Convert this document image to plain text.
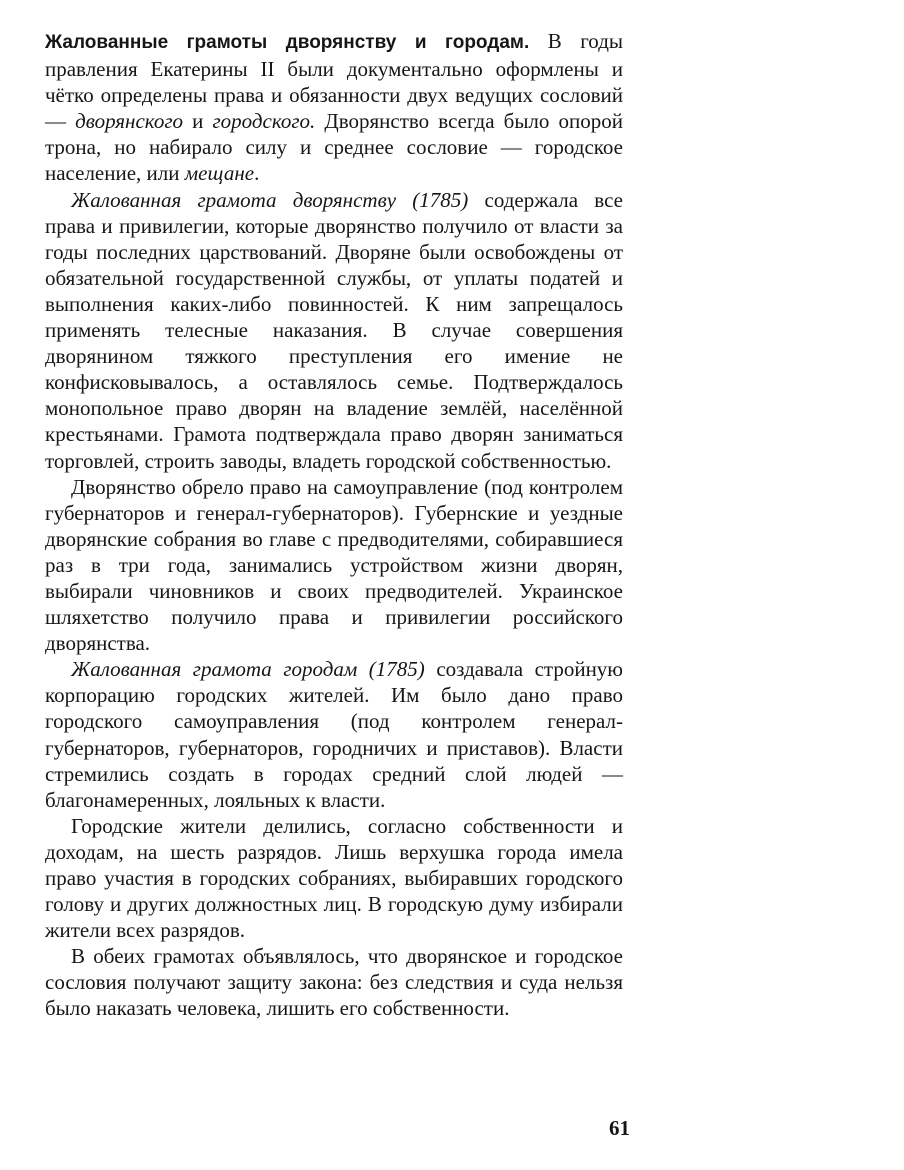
Жалованные грамоты дворянству и городам. В годы правления Екатерины II были документально оформлены и чётко определены права и обязанности двух ведущих сословий — дворянского и городского. Дворянство всегда было опорой трона, но набирало силу и среднее сословие — городское население, или мещане.

Жалованная грамота дворянству (1785) содержала все права и привилегии, которые дворянство получило от власти за годы последних царствований. Дворяне были освобождены от обязательной государственной службы, от уплаты податей и выполнения каких-либо повинностей. К ним запрещалось применять телесные наказания. В случае совершения дворянином тяжкого преступления его имение не конфисковывалось, а оставлялось семье. Подтверждалось монопольное право дворян на владение землёй, населённой крестьянами. Грамота подтверждала право дворян заниматься торговлей, строить заводы, владеть городской собственностью.

Дворянство обрело право на самоуправление (под контролем губернаторов и генерал-губернаторов). Губернские и уездные дворянские собрания во главе с предводителями, собиравшиеся раз в три года, занимались устройством жизни дворян, выбирали чиновников и своих предводителей. Украинское шляхетство получило права и привилегии российского дворянства.

Жалованная грамота городам (1785) создавала стройную корпорацию городских жителей. Им было дано право городского самоуправления (под контролем генерал-губернаторов, губернаторов, городничих и приставов). Власти стремились создать в городах средний слой людей — благонамеренных, лояльных к власти.

Городские жители делились, согласно собственности и доходам, на шесть разрядов. Лишь верхушка города имела право участия в городских собраниях, выбиравших городского голову и других должностных лиц. В городскую думу избирали жители всех разрядов.

В обеих грамотах объявлялось, что дворянское и городское сословия получают защиту закона: без следствия и суда нельзя было наказать человека, лишить его собственности.

61
